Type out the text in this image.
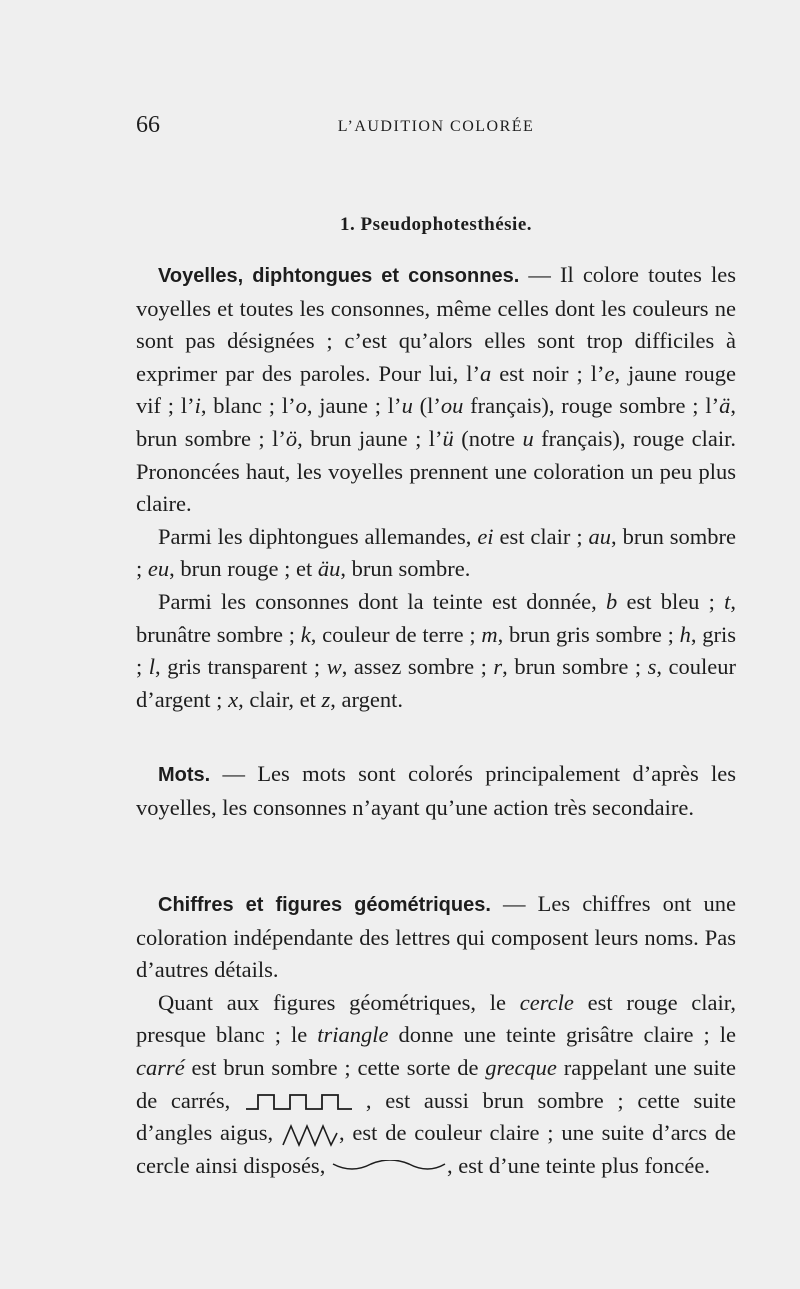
66	L’AUDITION COLORÉE
1. Pseudophotesthésie.

Voyelles, diphtongues et consonnes. — Il colore toutes les voyelles et toutes les consonnes, même celles dont les couleurs ne sont pas désignées ; c’est qu’alors elles sont trop difficiles à exprimer par des paroles. Pour lui, l’a est noir ; l’e, jaune rouge vif ; l’i, blanc ; l’o, jaune ; l’u (l’ou français), rouge sombre ; l’ä, brun sombre ; l’ö, brun jaune ; l’ü (notre u français), rouge clair. Prononcées haut, les voyelles prennent une coloration un peu plus claire.

Parmi les diphtongues allemandes, ei est clair ; au, brun sombre ; eu, brun rouge ; et äu, brun sombre.

Parmi les consonnes dont la teinte est donnée, b est bleu ; t, brunâtre sombre ; k, couleur de terre ; m, brun gris sombre ; h, gris ; l, gris transparent ; w, assez sombre ; r, brun sombre ; s, couleur d’argent ; x, clair, et z, argent.

Mots. — Les mots sont colorés principalement d’après les voyelles, les consonnes n’ayant qu’une action très secondaire.

Chiffres et figures géométriques. — Les chiffres ont une coloration indépendante des lettres qui composent leurs noms. Pas d’autres détails.

Quant aux figures géométriques, le cercle est rouge clair, presque blanc ; le triangle donne une teinte grisâtre claire ; le carré est brun sombre ; cette sorte de grecque rappelant une suite de carrés,	, est aussi brun sombre ; cette suite d’angles aigus,	, est de couleur claire ; une suite d’arcs de cercle ainsi disposés,	, est d’une teinte plus foncée.
